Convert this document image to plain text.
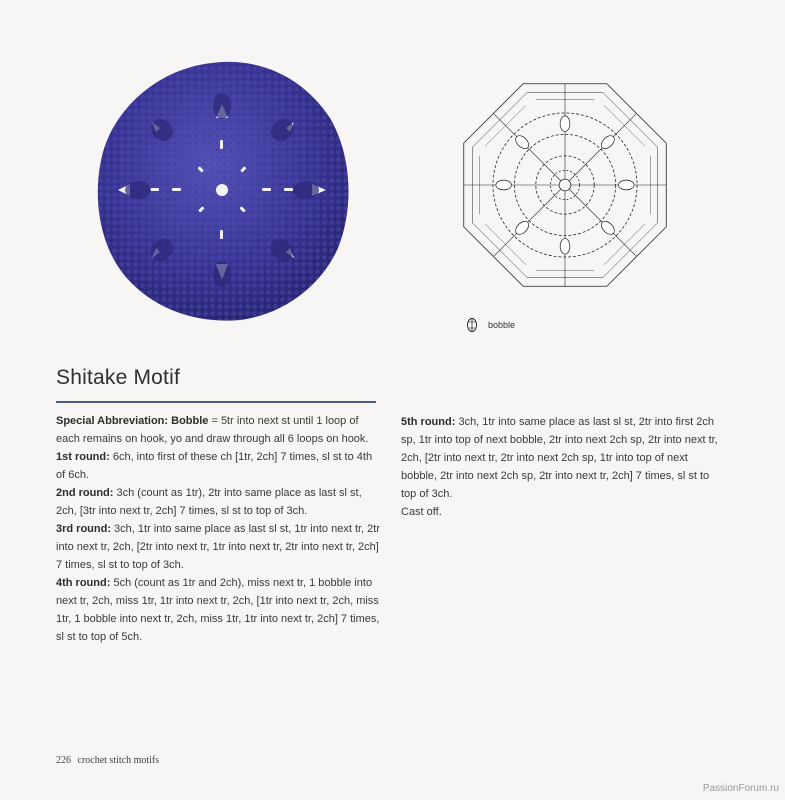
bobble
Shitake Motif

Special Abbreviation: Bobble = 5tr into next st until 1 loop of each remains on hook, yo and draw through all 6 loops on hook.

1st round: 6ch, into first of these ch [1tr, 2ch] 7 times, sl st to 4th of 6ch.

2nd round: 3ch (count as 1tr), 2tr into same place as last sl st, 2ch, [3tr into next tr, 2ch] 7 times, sl st to top of 3ch.

3rd round: 3ch, 1tr into same place as last sl st, 1tr into next tr, 2tr into next tr, 2ch, [2tr into next tr, 1tr into next tr, 2tr into next tr, 2ch] 7 times, sl st to top of 3ch.

4th round: 5ch (count as 1tr and 2ch), miss next tr, 1 bobble into next tr, 2ch, miss 1tr, 1tr into next tr, 2ch, [1tr into next tr, 2ch, miss 1tr, 1 bobble into next tr, 2ch, miss 1tr, 1tr into next tr, 2ch] 7 times, sl st to top of 5ch.

5th round: 3ch, 1tr into same place as last sl st, 2tr into first 2ch sp, 1tr into top of next bobble, 2tr into next 2ch sp, 2tr into next tr, 2ch, [2tr into next tr, 2tr into next 2ch sp, 1tr into top of next bobble, 2tr into next 2ch sp, 2tr into next tr, 2ch] 7 times, sl st to top of 3ch.

Cast off.

226 crochet stitch motifs
PassionForum.ru
